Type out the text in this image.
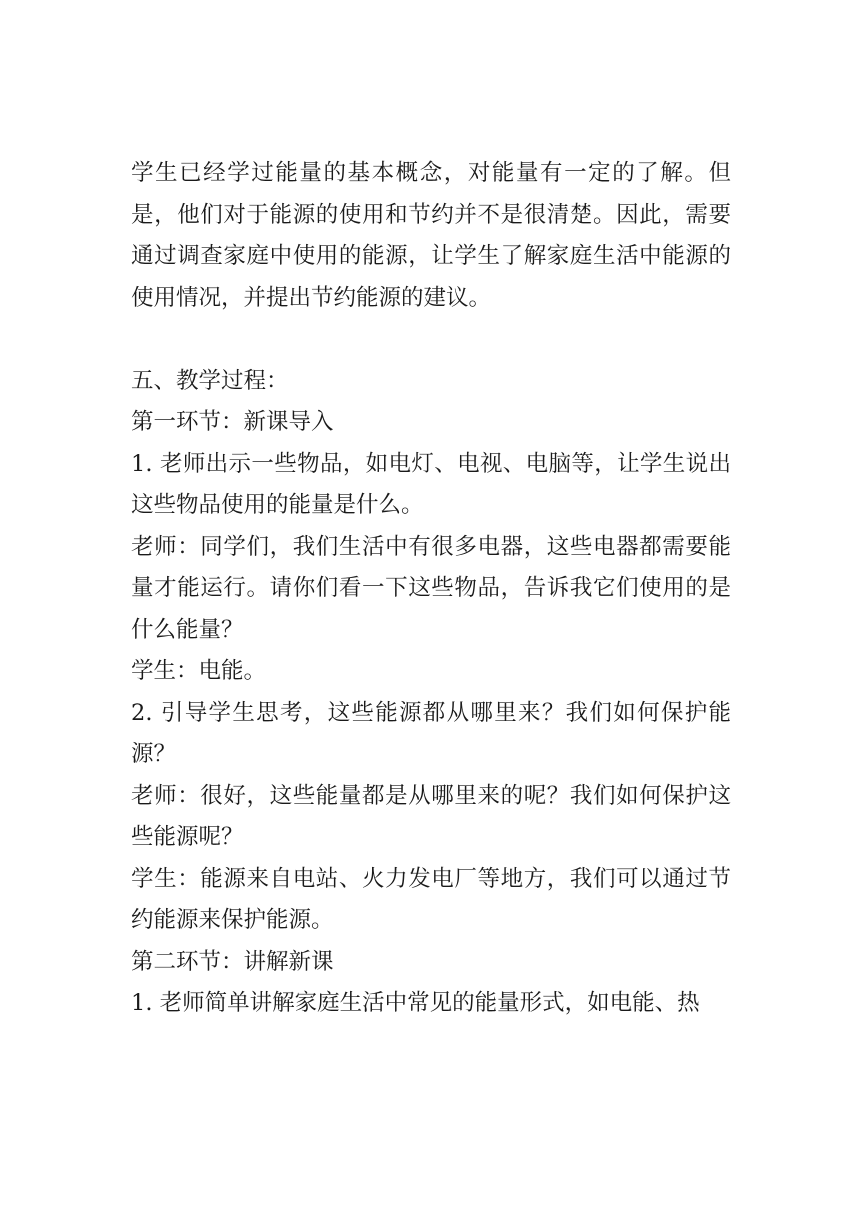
学生已经学过能量的基本概念，对能量有一定的了解。但是，他们对于能源的使用和节约并不是很清楚。因此，需要通过调查家庭中使用的能源，让学生了解家庭生活中能源的使用情况，并提出节约能源的建议。

五、教学过程：

第一环节：新课导入

1. 老师出示一些物品，如电灯、电视、电脑等，让学生说出这些物品使用的能量是什么。

老师：同学们，我们生活中有很多电器，这些电器都需要能量才能运行。请你们看一下这些物品，告诉我它们使用的是什么能量？

学生：电能。

2. 引导学生思考，这些能源都从哪里来？我们如何保护能源？

老师：很好，这些能量都是从哪里来的呢？我们如何保护这些能源呢？

学生：能源来自电站、火力发电厂等地方，我们可以通过节约能源来保护能源。

第二环节：讲解新课

1. 老师简单讲解家庭生活中常见的能量形式，如电能、热
